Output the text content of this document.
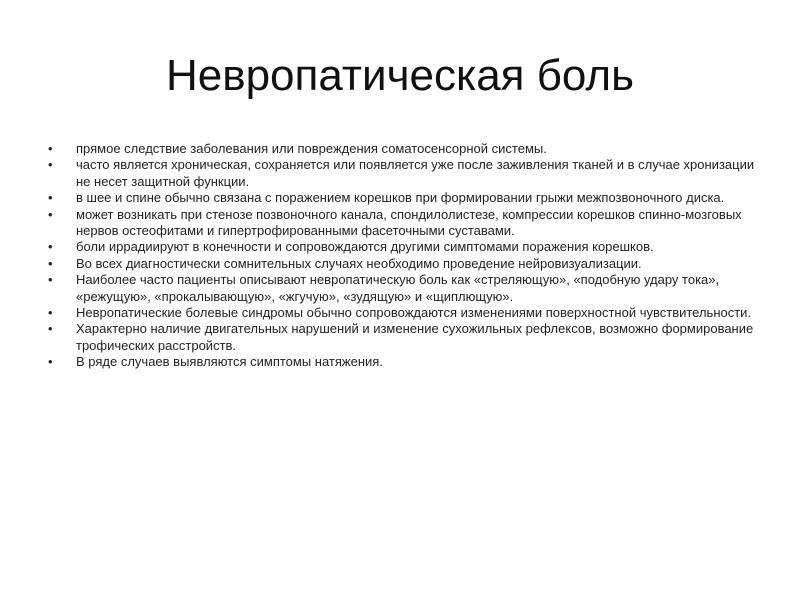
Невропатическая боль
• прямое следствие заболевания или повреждения соматосенсорной системы.
• часто является хроническая, сохраняется или появляется уже после заживления тканей и в случае хронизации не несет защитной функции.
• в шее и спине обычно связана с поражением корешков при формировании грыжи межпозвоночного диска.
• может возникать при стенозе позвоночного канала, спондилолистезе, компрессии корешков спинно-мозговых нервов остеофитами и гипертрофированными фасеточными суставами.
• боли иррадиируют в конечности и сопровождаются другими симптомами поражения корешков.
• Во всех диагностически сомнительных случаях необходимо проведение нейровизуализации.
• Наиболее часто пациенты описывают невропатическую боль как «стреляющую», «подобную удару тока», «режущую», «прокалывающую», «жгучую», «зудящую» и «щиплющую».
• Невропатические болевые синдромы обычно сопровождаются изменениями поверхностной чувствительности.
• Характерно наличие двигательных нарушений и изменение сухожильных рефлексов, возможно формирование трофических расстройств.
• В ряде случаев выявляются симптомы натяжения.
